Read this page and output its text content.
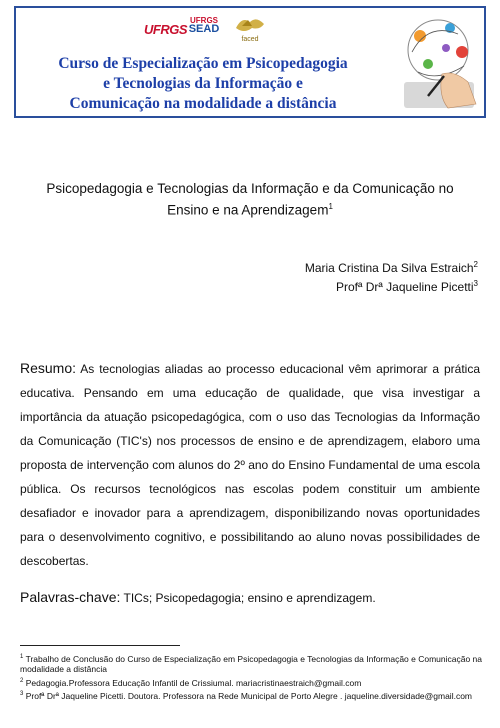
UFRGS
UFRGS
SEAD
faced
Curso de Especialização em Psicopedagogia
e Tecnologias da Informação e
Comunicação na modalidade a distância
Psicopedagogia e Tecnologias da Informação e da Comunicação no
Ensino e na Aprendizagem$^1$
Maria Cristina Da Silva Estraich$^2$
Profª Drª Jaqueline Picetti$^3$
Resumo: As tecnologias aliadas ao processo educacional vêm aprimorar a prática educativa. Pensando em uma educação de qualidade, que visa investigar a importância da atuação psicopedagógica, com o uso das Tecnologias da Informação da Comunicação (TIC's) nos processos de ensino e de aprendizagem, elaboro uma proposta de intervenção com alunos do 2º ano do Ensino Fundamental de uma escola pública. Os recursos tecnológicos nas escolas podem constituir um ambiente desafiador e inovador para a aprendizagem, disponibilizando novas oportunidades para o desenvolvimento cognitivo, e possibilitando ao aluno novas possibilidades de descobertas.
Palavras-chave: TICs; Psicopedagogia; ensino e aprendizagem.

$^1$ Trabalho de Conclusão do Curso de Especialização em Psicopedagogia e Tecnologias da Informação e Comunicação na modalidade a distância

$^2$ Pedagogia.Professora Educação Infantil de Crissiumal. mariacristinaestraich@gmail.com

$^3$ Profª Drª Jaqueline Picetti. Doutora. Professora na Rede Municipal de Porto Alegre . jaqueline.diversidade@gmail.com
